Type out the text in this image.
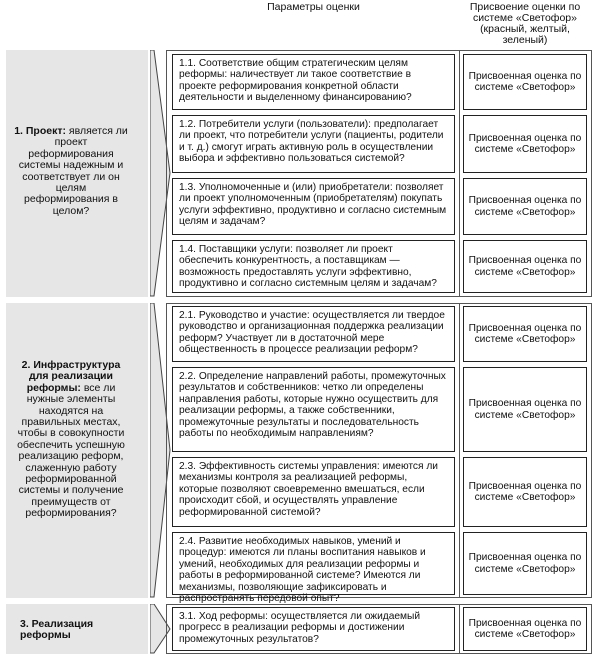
Параметры оценки	Присвоение оценки по системе «Светофор» (красный, желтый, зеленый)
1. Проект: является ли проект реформирования системы надежным и соответствует ли он целям реформирования в целом?
2. Инфраструктура для реализации реформы: все ли нужные элементы находятся на правильных местах, чтобы в совокупности обеспечить успешную реализацию реформ, слаженную работу реформированной системы и получение преимуществ от реформирования?
3. Реализация реформы
1.1. Соответствие общим стратегическим целям реформы: наличествует ли такое соответствие в проекте реформирования конкретной области деятельности и выделенному финансированию?
1.2. Потребители услуги (пользователи): предполагает ли проект, что потребители услуги (пациенты, родители и т. д.) смогут играть активную роль в осуществлении выбора и эффективно пользоваться системой?
1.3. Уполномоченные и (или) приобретатели: позволяет ли проект уполномоченным (приобретателям) покупать услуги эффективно, продуктивно и согласно системным целям и задачам?
1.4. Поставщики услуги: позволяет ли проект обеспечить конкурентность, а поставщикам — возможность предоставлять услуги эффективно, продуктивно и согласно системным целям и задачам?
2.1. Руководство и участие: осуществляется ли твердое руководство и организационная поддержка реализации реформ? Участвует ли в достаточной мере общественность в процессе реализации реформ?
2.2. Определение направлений работы, промежуточных результатов и собственников: четко ли определены направления работы, которые нужно осуществить для реализации реформы, а также собственники, промежуточные результаты и последовательность работы по необходимым направлениям?
2.3. Эффективность системы управления: имеются ли механизмы контроля за реализацией реформы, которые позволяют своевременно вмешаться, если происходит сбой, и осуществлять управление реформированной системой?
2.4. Развитие необходимых навыков, умений и процедур: имеются ли планы воспитания навыков и умений, необходимых для реализации реформы и работы в реформированной системе? Имеются ли механизмы, позволяющие зафиксировать и распространять передовой опыт?
3.1. Ход реформы: осуществляется ли ожидаемый прогресс в реализации реформы и достижении промежуточных результатов?
Присвоенная оценка по системе «Светофор»
Присвоенная оценка по системе «Светофор»
Присвоенная оценка по системе «Светофор»
Присвоенная оценка по системе «Светофор»
Присвоенная оценка по системе «Светофор»
Присвоенная оценка по системе «Светофор»
Присвоенная оценка по системе «Светофор»
Присвоенная оценка по системе «Светофор»
Присвоенная оценка по системе «Светофор»
